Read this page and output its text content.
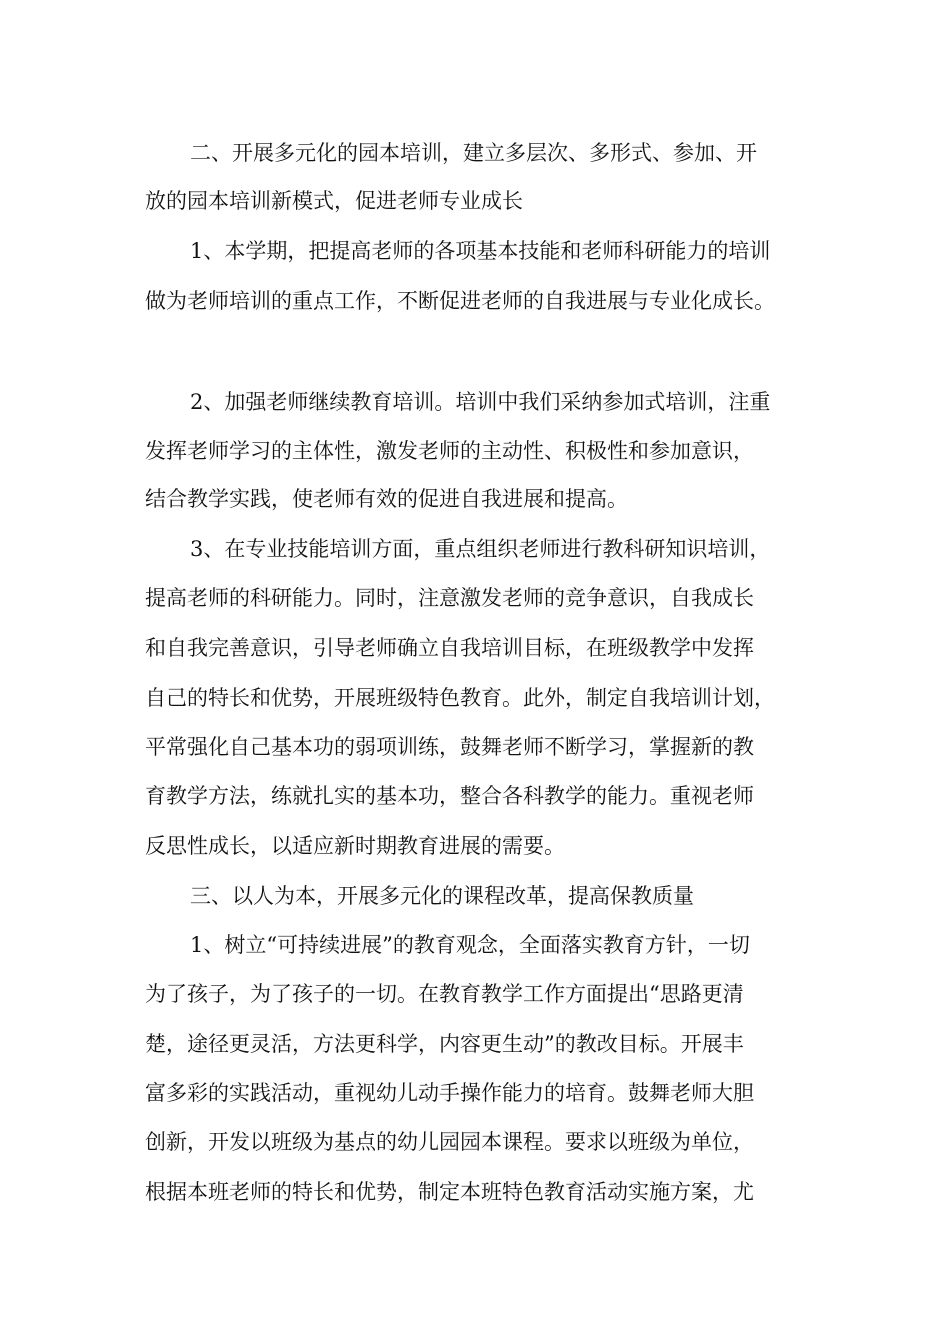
二、开展多元化的园本培训，建立多层次、多形式、参加、开

放的园本培训新模式，促进老师专业成长

1、本学期，把提高老师的各项基本技能和老师科研能力的培训

做为老师培训的重点工作，不断促进老师的自我进展与专业化成长。

2、加强老师继续教育培训。培训中我们采纳参加式培训，注重

发挥老师学习的主体性，激发老师的主动性、积极性和参加意识，

结合教学实践，使老师有效的促进自我进展和提高。

3、在专业技能培训方面，重点组织老师进行教科研知识培训，

提高老师的科研能力。同时，注意激发老师的竞争意识，自我成长

和自我完善意识，引导老师确立自我培训目标，在班级教学中发挥

自己的特长和优势，开展班级特色教育。此外，制定自我培训计划，

平常强化自己基本功的弱项训练，鼓舞老师不断学习，掌握新的教

育教学方法，练就扎实的基本功，整合各科教学的能力。重视老师

反思性成长，以适应新时期教育进展的需要。

三、以人为本，开展多元化的课程改革，提高保教质量

1、树立“可持续进展”的教育观念，全面落实教育方针，一切

为了孩子，为了孩子的一切。在教育教学工作方面提出“思路更清

楚，途径更灵活，方法更科学，内容更生动”的教改目标。开展丰

富多彩的实践活动，重视幼儿动手操作能力的培育。鼓舞老师大胆

创新，开发以班级为基点的幼儿园园本课程。要求以班级为单位，

根据本班老师的特长和优势，制定本班特色教育活动实施方案，尤
